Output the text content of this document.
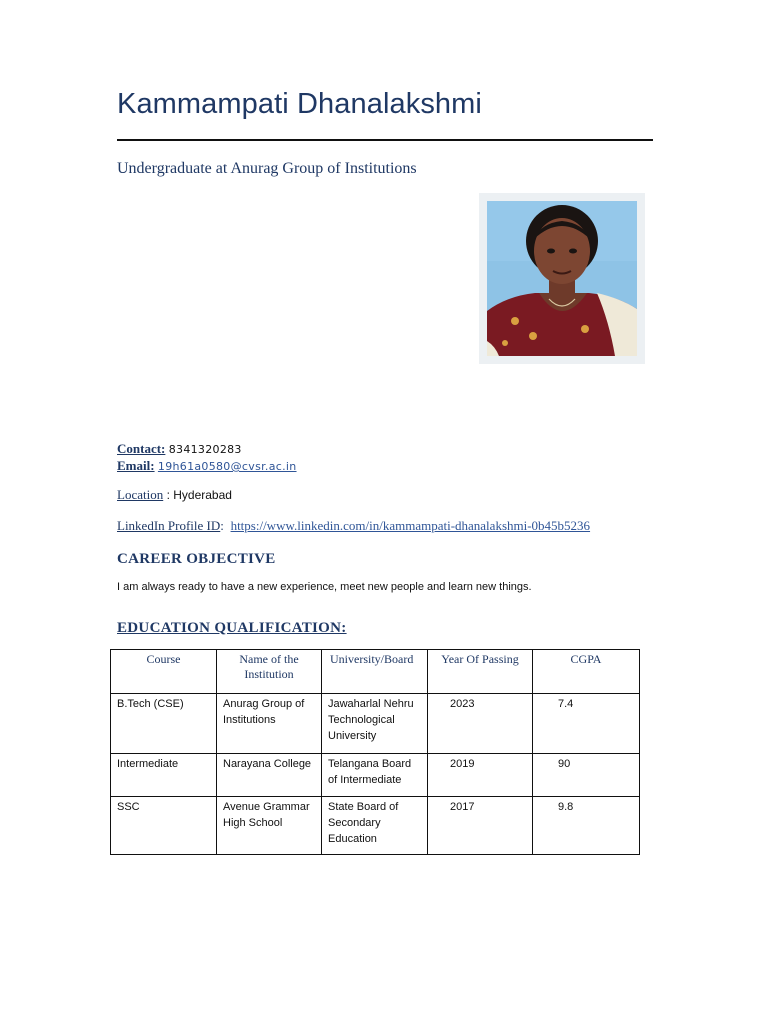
Kammampati Dhanalakshmi
Undergraduate at Anurag Group of Institutions
Contact: 8341320283
Email: 19h61a0580@cvsr.ac.in
Location : Hyderabad
LinkedIn Profile ID: https://www.linkedin.com/in/kammampati-dhanalakshmi-0b45b5236
CAREER OBJECTIVE
I am always ready to have a new experience, meet new people and learn new things.
EDUCATION QUALIFICATION:
Course	Name of the Institution	University/Board	Year Of Passing	CGPA
B.Tech (CSE)	Anurag Group of Institutions	Jawaharlal Nehru Technological University	2023	7.4
Intermediate	Narayana College	Telangana Board of Intermediate	2019	90
SSC	Avenue Grammar High School	State Board of Secondary Education	2017	9.8
